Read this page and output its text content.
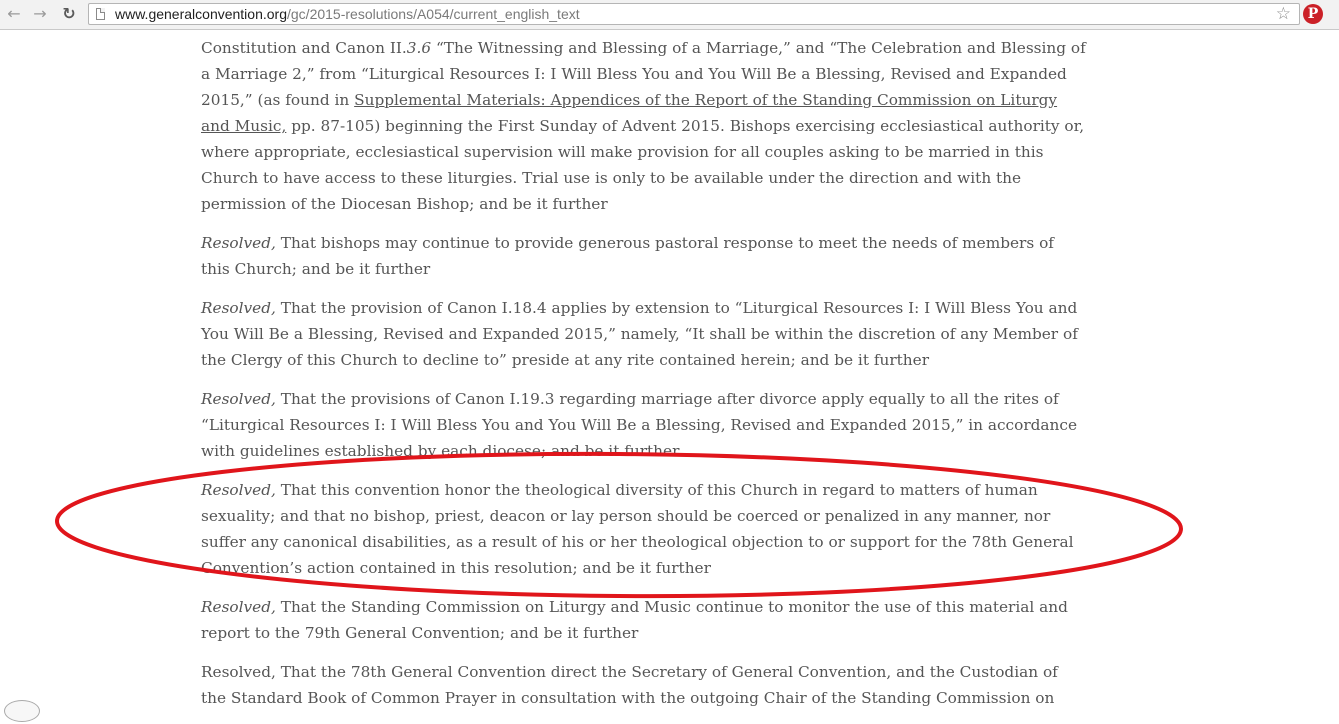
← → ↻	www.generalconvention.org/gc/2015-resolutions/A054/current_english_text	☆	P

Constitution and Canon II.3.6 “The Witnessing and Blessing of a Marriage,” and “The Celebration and Blessing of a Marriage 2,” from “Liturgical Resources I: I Will Bless You and You Will Be a Blessing, Revised and Expanded 2015,” (as found in Supplemental Materials: Appendices of the Report of the Standing Commission on Liturgy and Music, pp. 87-105) beginning the First Sunday of Advent 2015. Bishops exercising ecclesiastical authority or, where appropriate, ecclesiastical supervision will make provision for all couples asking to be married in this Church to have access to these liturgies. Trial use is only to be available under the direction and with the permission of the Diocesan Bishop; and be it further

Resolved, That bishops may continue to provide generous pastoral response to meet the needs of members of this Church; and be it further

Resolved, That the provision of Canon I.18.4 applies by extension to “Liturgical Resources I: I Will Bless You and You Will Be a Blessing, Revised and Expanded 2015,” namely, “It shall be within the discretion of any Member of the Clergy of this Church to decline to” preside at any rite contained herein; and be it further

Resolved, That the provisions of Canon I.19.3 regarding marriage after divorce apply equally to all the rites of “Liturgical Resources I: I Will Bless You and You Will Be a Blessing, Revised and Expanded 2015,” in accordance with guidelines established by each diocese; and be it further

Resolved, That this convention honor the theological diversity of this Church in regard to matters of human sexuality; and that no bishop, priest, deacon or lay person should be coerced or penalized in any manner, nor suffer any canonical disabilities, as a result of his or her theological objection to or support for the 78th General Convention’s action contained in this resolution; and be it further

Resolved, That the Standing Commission on Liturgy and Music continue to monitor the use of this material and report to the 79th General Convention; and be it further

Resolved, That the 78th General Convention direct the Secretary of General Convention, and the Custodian of the Standard Book of Common Prayer in consultation with the outgoing Chair of the Standing Commission on
